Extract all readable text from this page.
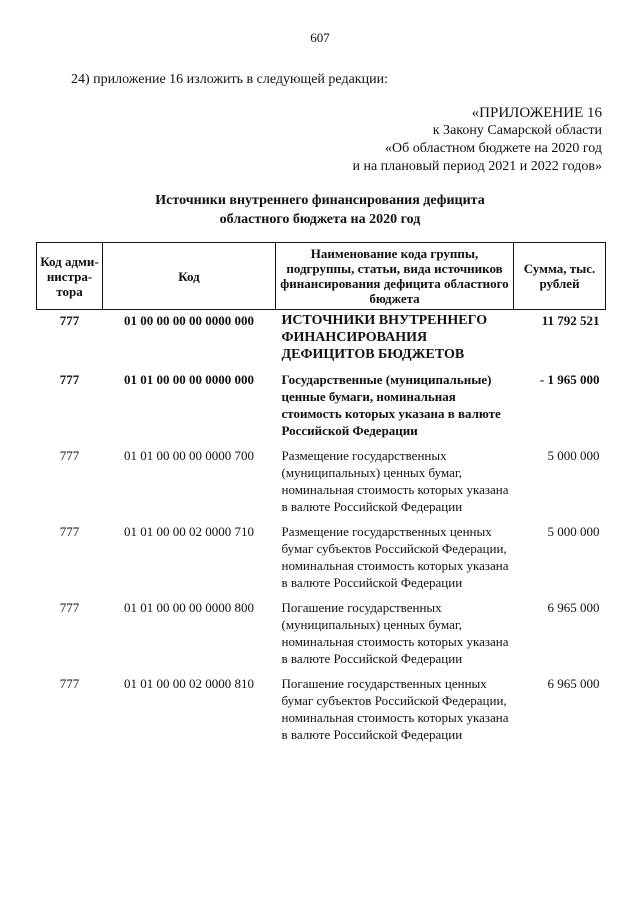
607
24) приложение 16 изложить в следующей редакции:
«ПРИЛОЖЕНИЕ 16
к Закону Самарской области
«Об областном бюджете на 2020 год
и на плановый период 2021 и 2022 годов»
Источники внутреннего финансирования дефицита
областного бюджета на 2020 год
Код адми-нистра-тора	Код	Наименование кода группы, подгруппы, статьи, вида источников финансирования дефицита областного бюджета	Сумма, тыс. рублей
777	01 00 00 00 00 0000 000	ИСТОЧНИКИ ВНУТРЕННЕГО ФИНАНСИРОВАНИЯ ДЕФИЦИТОВ БЮДЖЕТОВ	11 792 521
777	01 01 00 00 00 0000 000	Государственные (муниципальные) ценные бумаги, номинальная стоимость которых указана в валюте Российской Федерации	- 1 965 000
777	01 01 00 00 00 0000 700	Размещение государственных (муниципальных) ценных бумаг, номинальная стоимость которых указана в валюте Российской Федерации	5 000 000
777	01 01 00 00 02 0000 710	Размещение государственных ценных бумаг субъектов Российской Федерации, номинальная стоимость которых указана в валюте Российской Федерации	5 000 000
777	01 01 00 00 00 0000 800	Погашение государственных (муниципальных) ценных бумаг, номинальная стоимость которых указана в валюте Российской Федерации	6 965 000
777	01 01 00 00 02 0000 810	Погашение государственных ценных бумаг субъектов Российской Федерации, номинальная стоимость которых указана в валюте Российской Федерации	6 965 000
